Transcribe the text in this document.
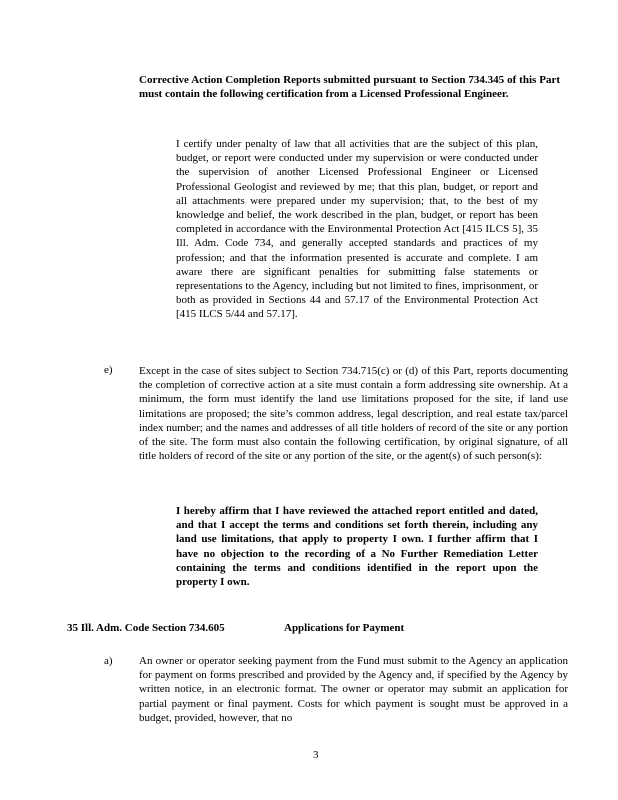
Corrective Action Completion Reports submitted pursuant to Section 734.345 of this Part must contain the following certification from a Licensed Professional Engineer.
I certify under penalty of law that all activities that are the subject of this plan, budget, or report were conducted under my supervision or were conducted under the supervision of another Licensed Professional Engineer or Licensed Professional Geologist and reviewed by me; that this plan, budget, or report and all attachments were prepared under my supervision; that, to the best of my knowledge and belief, the work described in the plan, budget, or report has been completed in accordance with the Environmental Protection Act [415 ILCS 5], 35 Ill. Adm. Code 734, and generally accepted standards and practices of my profession; and that the information presented is accurate and complete. I am aware there are significant penalties for submitting false statements or representations to the Agency, including but not limited to fines, imprisonment, or both as provided in Sections 44 and 57.17 of the Environmental Protection Act [415 ILCS 5/44 and 57.17].
e) Except in the case of sites subject to Section 734.715(c) or (d) of this Part, reports documenting the completion of corrective action at a site must contain a form addressing site ownership. At a minimum, the form must identify the land use limitations proposed for the site, if land use limitations are proposed; the site’s common address, legal description, and real estate tax/parcel index number; and the names and addresses of all title holders of record of the site or any portion of the site. The form must also contain the following certification, by original signature, of all title holders of record of the site or any portion of the site, or the agent(s) of such person(s):
I hereby affirm that I have reviewed the attached report entitled and dated, and that I accept the terms and conditions set forth therein, including any land use limitations, that apply to property I own. I further affirm that I have no objection to the recording of a No Further Remediation Letter containing the terms and conditions identified in the report upon the property I own.
35 Ill. Adm. Code Section 734.605	Applications for Payment
a) An owner or operator seeking payment from the Fund must submit to the Agency an application for payment on forms prescribed and provided by the Agency and, if specified by the Agency by written notice, in an electronic format. The owner or operator may submit an application for partial payment or final payment. Costs for which payment is sought must be approved in a budget, provided, however, that no
3
